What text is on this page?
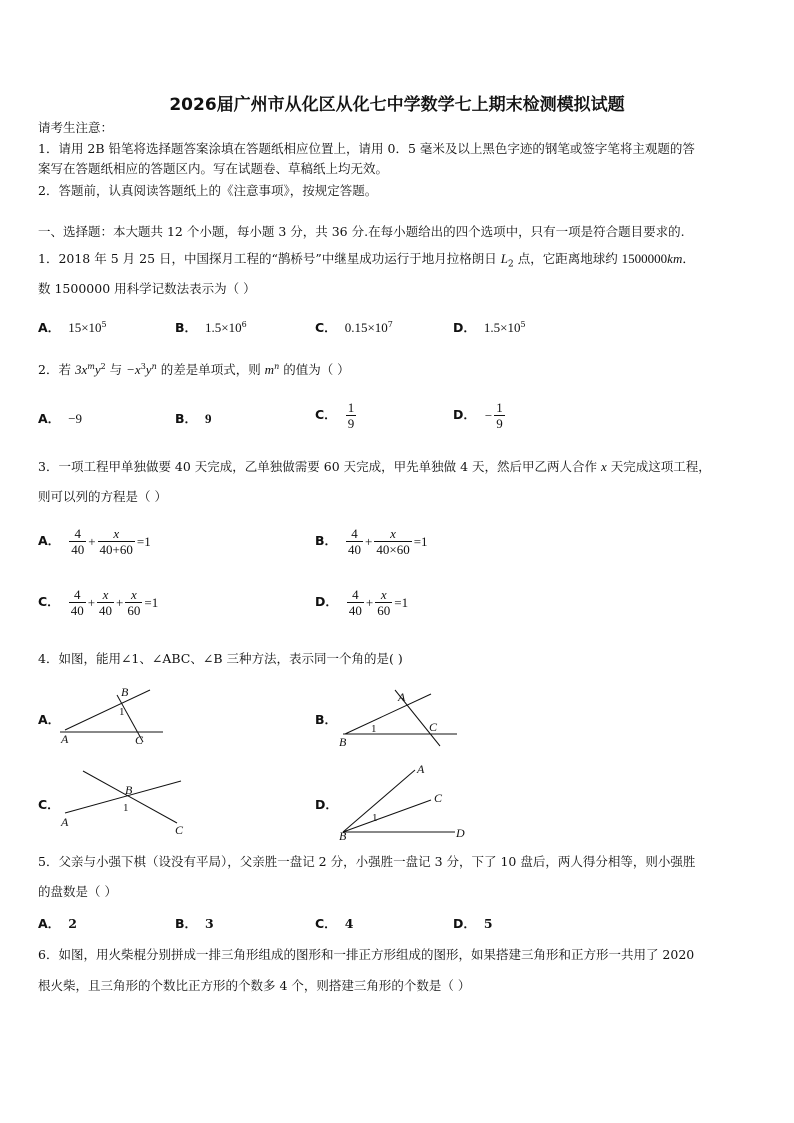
2026届广州市从化区从化七中学数学七上期末检测模拟试题
请考生注意：
1．请用 2B 铅笔将选择题答案涂填在答题纸相应位置上，请用 0．5 毫米及以上黑色字迹的钢笔或签字笔将主观题的答
案写在答题纸相应的答题区内。写在试题卷、草稿纸上均无效。
2．答题前，认真阅读答题纸上的《注意事项》，按规定答题。
一、选择题：本大题共 12 个小题，每小题 3 分，共 36 分.在每小题给出的四个选项中，只有一项是符合题目要求的.
1．2018 年 5 月 25 日，中国探月工程的“鹊桥号”中继星成功运行于地月拉格朗日 $L_2$ 点，它距离地球约 1500000km．
数 1500000 用科学记数法表示为（ ）
A． $15\times 10^5$	B． $1.5\times 10^6$	C． $0.15\times 10^7$	D． $1.5\times 10^5$
2．若 $3x^my^2$ 与 $-x^3y^n$ 的差是单项式，则 $m^n$ 的值为（ ）
A． −9	B． 9	C． $\frac{1}{9}$	D． − $\frac{1}{9}$
3．一项工程甲单独做要 40 天完成，乙单独做需要 60 天完成，甲先单独做 4 天，然后甲乙两人合作 x 天完成这项工程，
则可以列的方程是（ ）
A． $\frac{4}{40} + \frac{x}{40+60} =1$	B． $\frac{4}{40} + \frac{x}{40\times 60} =1$
C． $\frac{4}{40} + \frac{x}{40} + \frac{x}{60} =1$	D． $\frac{4}{40} + \frac{x}{60} =1$
4．如图，能用∠1、∠ABC、∠B 三种方法，表示同一个角的是( )
A．
B
1
A	C
B．
A
1	C
B
C．
B
1
A
C
D．
A
C
1
B	D
5．父亲与小强下棋（设没有平局），父亲胜一盘记 2 分，小强胜一盘记 3 分，下了 10 盘后，两人得分相等，则小强胜
的盘数是（ ）
A． 2	B． 3	C． 4	D． 5
6．如图，用火柴棍分别拼成一排三角形组成的图形和一排正方形组成的图形，如果搭建三角形和正方形一共用了 2020
根火柴，且三角形的个数比正方形的个数多 4 个，则搭建三角形的个数是（ ）
